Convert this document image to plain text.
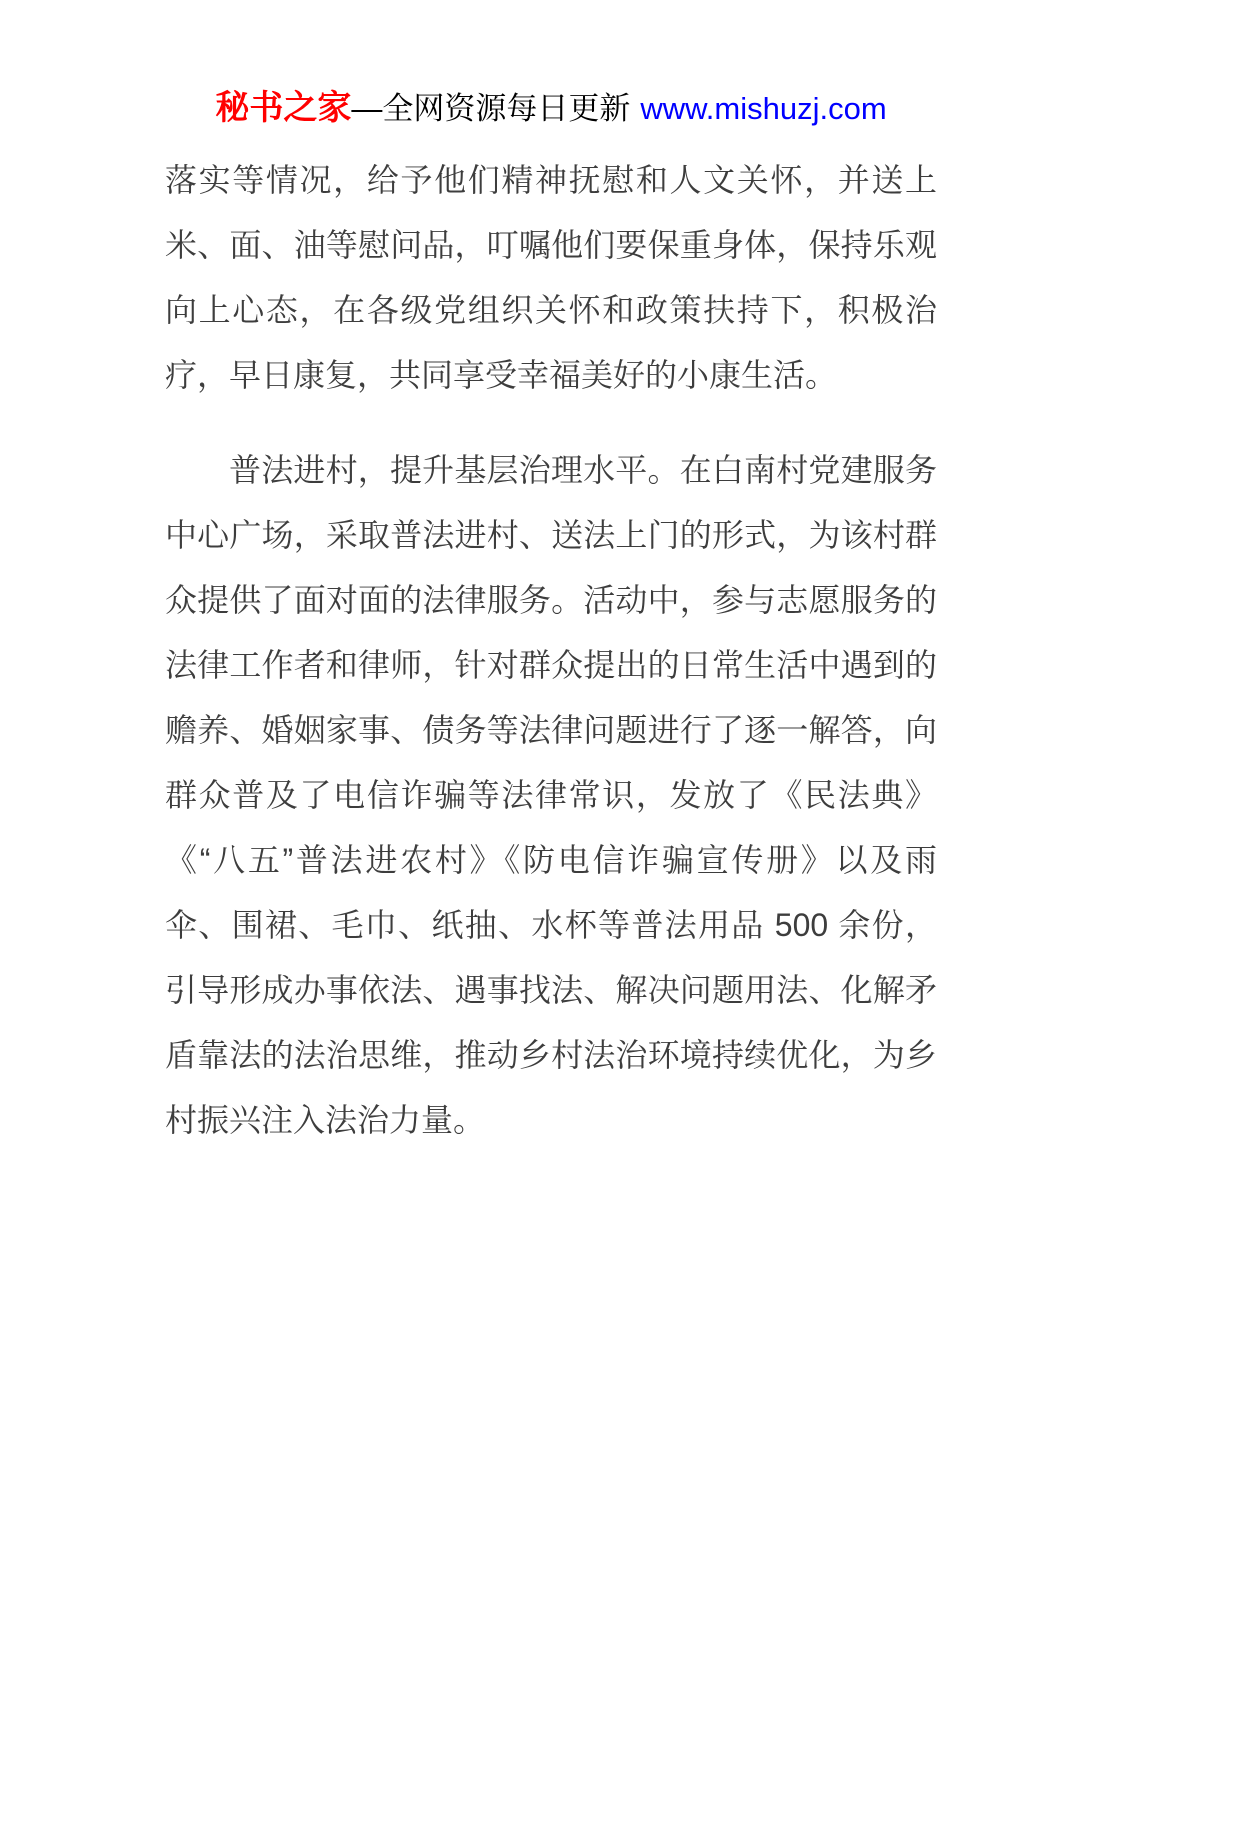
秘书之家—全网资源每日更新 www.mishuzj.com

落实等情况，给予他们精神抚慰和人文关怀，并送上米、面、油等慰问品，叮嘱他们要保重身体，保持乐观向上心态，在各级党组织关怀和政策扶持下，积极治疗，早日康复，共同享受幸福美好的小康生活。

普法进村，提升基层治理水平。在白南村党建服务中心广场，采取普法进村、送法上门的形式，为该村群众提供了面对面的法律服务。活动中，参与志愿服务的法律工作者和律师，针对群众提出的日常生活中遇到的赡养、婚姻家事、债务等法律问题进行了逐一解答，向群众普及了电信诈骗等法律常识，发放了《民法典》《“八五”普法进农村》《防电信诈骗宣传册》以及雨伞、围裙、毛巾、纸抽、水杯等普法用品 500 余份，引导形成办事依法、遇事找法、解决问题用法、化解矛盾靠法的法治思维，推动乡村法治环境持续优化，为乡村振兴注入法治力量。
